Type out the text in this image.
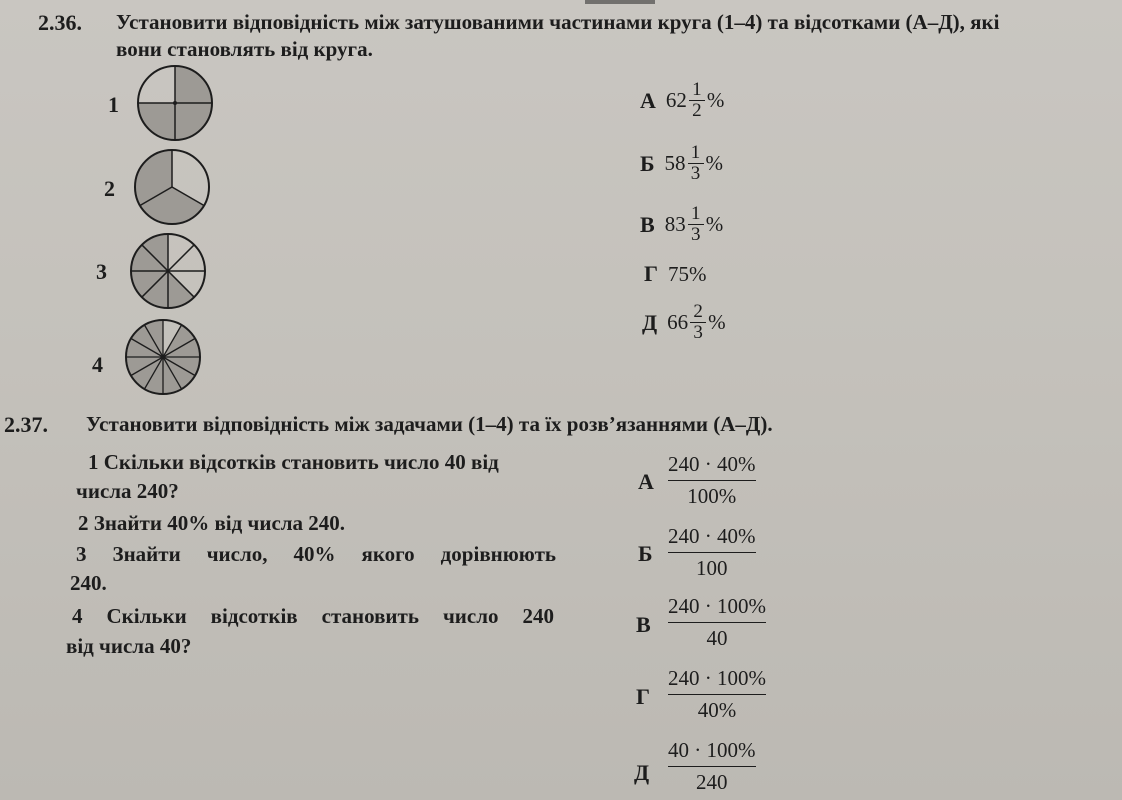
2.36. Установити відповідність між затушованими частинами круга (1–4) та відсотками (А–Д), які
вони становлять від круга.
1
2
3
4
А $62 \frac{1}{2}$ %
Б $58 \frac{1}{3}$ %
В $83 \frac{1}{3}$ %
Г 75%
Д $66 \frac{2}{3}$ %
2.37. Установити відповідність між задачами (1–4) та їх розв’язаннями (А–Д).
1 Скільки відсотків становить число 40 від
числа 240?
2 Знайти 40% від числа 240.
3 Знайти число, 40% якого дорівнюють
240.
4 Скільки відсотків становить число 240
від числа 40?
А
240 · 40%
100%
Б
240 · 40%
100
В
240 · 100%
40
Г
240 · 100%
40%
Д
40 · 100%
240
